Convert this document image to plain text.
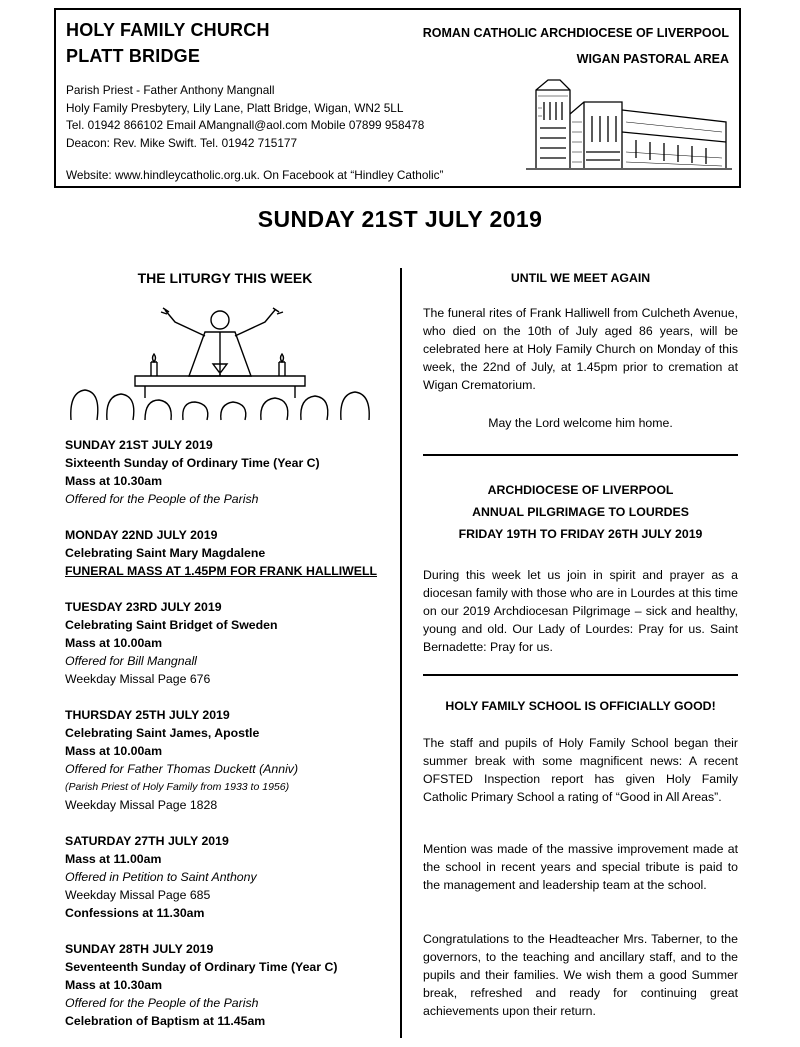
HOLY FAMILY CHURCH
PLATT BRIDGE
ROMAN CATHOLIC ARCHDIOCESE OF LIVERPOOL
WIGAN PASTORAL AREA
Parish Priest - Father Anthony Mangnall
Holy Family Presbytery, Lily Lane, Platt Bridge, Wigan, WN2 5LL
Tel. 01942 866102 Email AMangnall@aol.com Mobile 07899 958478
Deacon: Rev. Mike Swift. Tel. 01942 715177
Website: www.hindleycatholic.org.uk. On Facebook at “Hindley Catholic”
SUNDAY 21ST JULY 2019
THE LITURGY THIS WEEK
SUNDAY 21ST JULY 2019
Sixteenth Sunday of Ordinary Time (Year C)
Mass at 10.30am
Offered for the People of the Parish
MONDAY 22ND JULY 2019
Celebrating Saint Mary Magdalene
FUNERAL MASS AT 1.45PM FOR FRANK HALLIWELL
TUESDAY 23RD JULY 2019
Celebrating Saint Bridget of Sweden
Mass at 10.00am
Offered for Bill Mangnall
Weekday Missal Page 676
THURSDAY 25TH JULY 2019
Celebrating Saint James, Apostle
Mass at 10.00am
Offered for Father Thomas Duckett (Anniv)
(Parish Priest of Holy Family from 1933 to 1956)
Weekday Missal Page 1828
SATURDAY 27TH JULY 2019
Mass at 11.00am
Offered in Petition to Saint Anthony
Weekday Missal Page 685
Confessions at 11.30am
SUNDAY 28TH JULY 2019
Seventeenth Sunday of Ordinary Time (Year C)
Mass at 10.30am
Offered for the People of the Parish
Celebration of Baptism at 11.45am
UNTIL WE MEET AGAIN
The funeral rites of Frank Halliwell from Culcheth Avenue, who died on the 10th of July aged 86 years, will be celebrated here at Holy Family Church on Monday of this week, the 22nd of July, at 1.45pm prior to cremation at Wigan Crematorium.
May the Lord welcome him home.
ARCHDIOCESE OF LIVERPOOL
ANNUAL PILGRIMAGE TO LOURDES
FRIDAY 19TH TO FRIDAY 26TH JULY 2019
During this week let us join in spirit and prayer as a diocesan family with those who are in Lourdes at this time on our 2019 Archdiocesan Pilgrimage – sick and healthy, young and old. Our Lady of Lourdes: Pray for us. Saint Bernadette: Pray for us.
HOLY FAMILY SCHOOL IS OFFICIALLY GOOD!
The staff and pupils of Holy Family School began their summer break with some magnificent news: A recent OFSTED Inspection report has given Holy Family Catholic Primary School a rating of “Good in All Areas”.
Mention was made of the massive improvement made at the school in recent years and special tribute is paid to the management and leadership team at the school.
Congratulations to the Headteacher Mrs. Taberner, to the governors, to the teaching and ancillary staff, and to the pupils and their families. We wish them a good Summer break, refreshed and ready for continuing great achievements upon their return.
